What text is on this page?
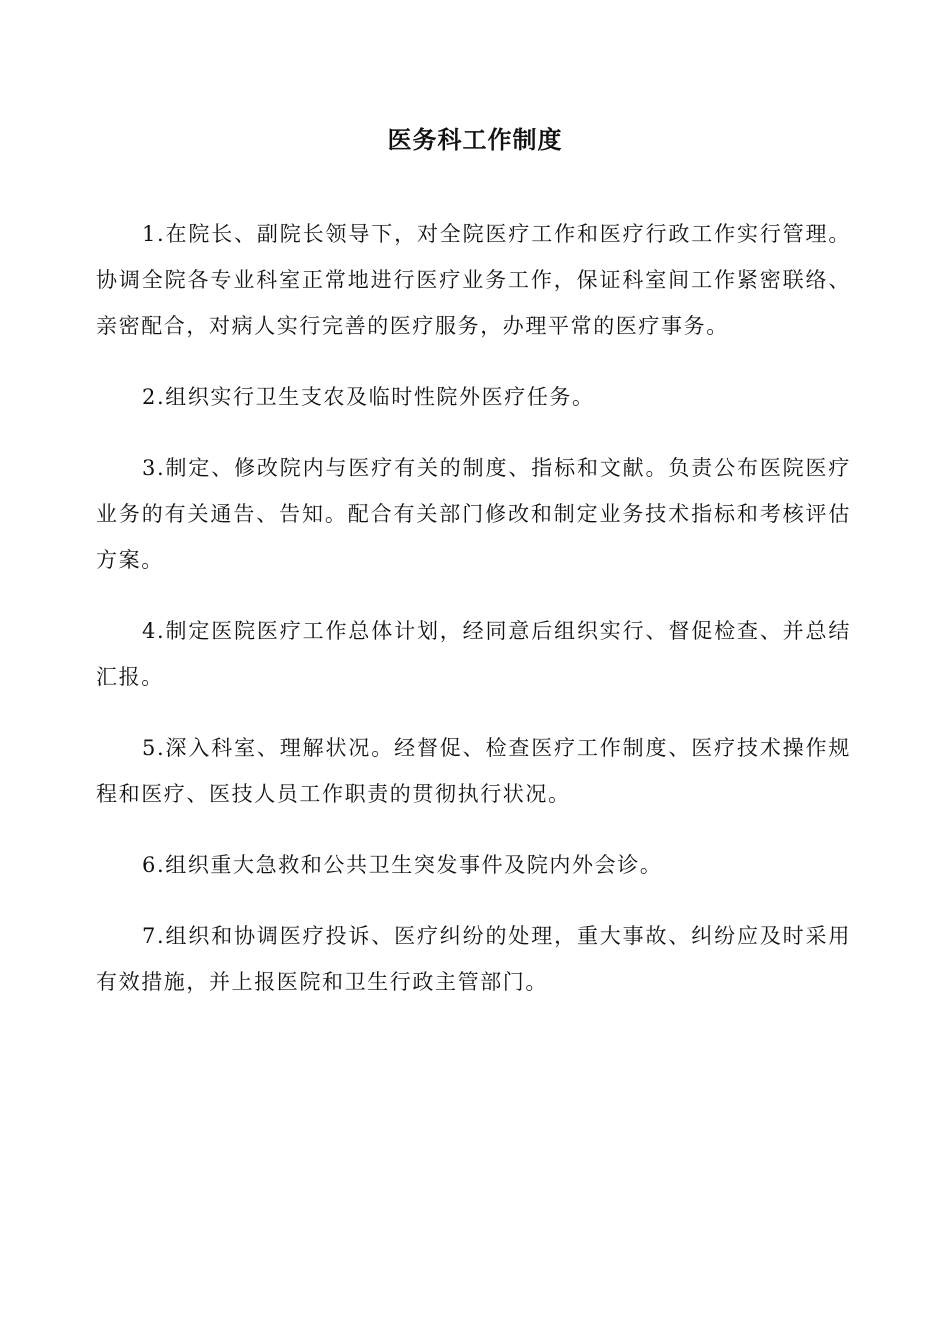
医务科工作制度

1.在院长、副院长领导下，对全院医疗工作和医疗行政工作实行管理。协调全院各专业科室正常地进行医疗业务工作，保证科室间工作紧密联络、亲密配合，对病人实行完善的医疗服务，办理平常的医疗事务。

2.组织实行卫生支农及临时性院外医疗任务。

3.制定、修改院内与医疗有关的制度、指标和文献。负责公布医院医疗业务的有关通告、告知。配合有关部门修改和制定业务技术指标和考核评估方案。

4.制定医院医疗工作总体计划，经同意后组织实行、督促检查、并总结汇报。

5.深入科室、理解状况。经督促、检查医疗工作制度、医疗技术操作规程和医疗、医技人员工作职责的贯彻执行状况。

6.组织重大急救和公共卫生突发事件及院内外会诊。

7.组织和协调医疗投诉、医疗纠纷的处理，重大事故、纠纷应及时采用有效措施，并上报医院和卫生行政主管部门。
